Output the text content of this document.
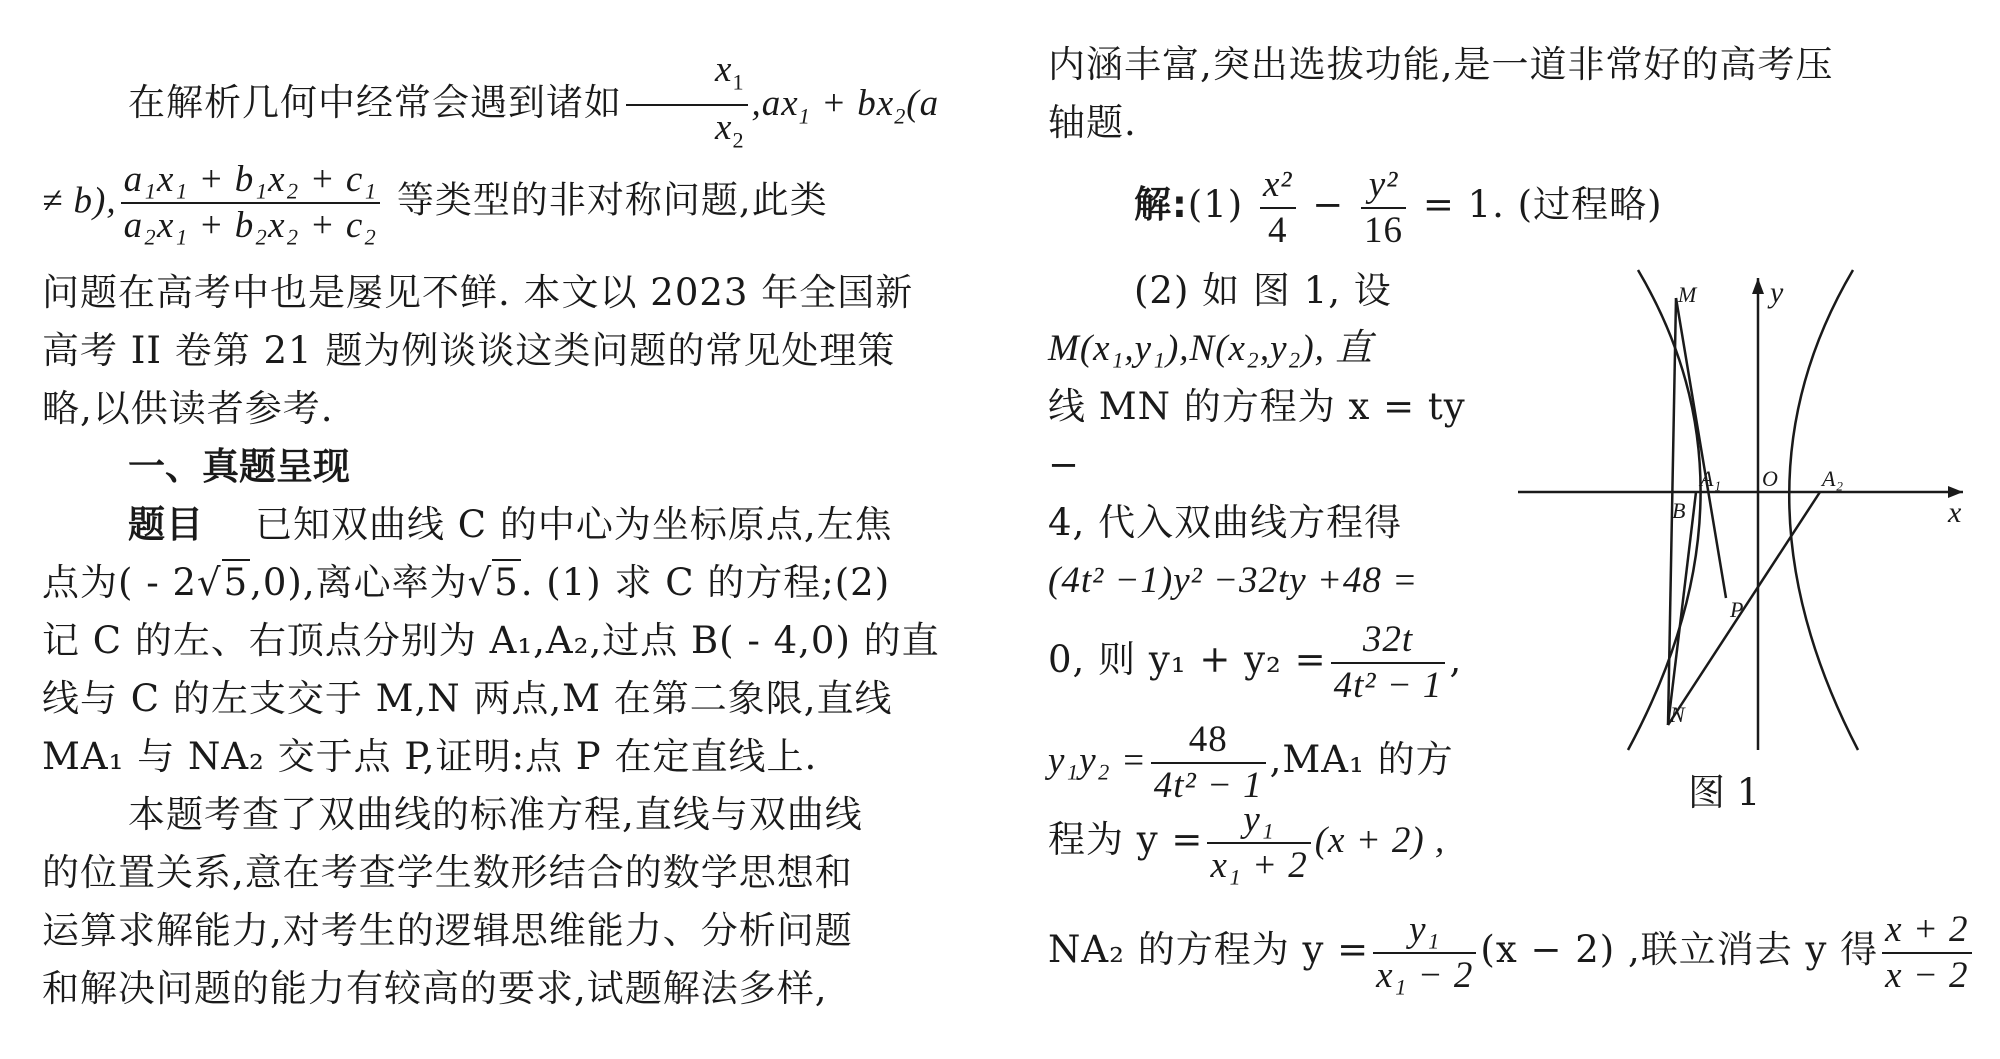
在解析几何中经常会遇到诸如 $\frac{x_1}{x_2} ,ax_1 + bx_2(a$

≠ b), $\frac{\text{a₁x₁ + b₁x₂ + c₁}}{\text{a₂x₁ + b₂x₂ + c₂}}$ 等类型的非对称问题,此类

问题在高考中也是屡见不鲜. 本文以 2023 年全国新

高考 II 卷第 21 题为例谈谈这类问题的常见处理策

略,以供读者参考.

一、真题呈现

题目 已知双曲线 C 的中心为坐标原点,左焦

点为( - 2√5,0),离心率为√5. (1) 求 C 的方程;(2)

记 C 的左、右顶点分别为 A₁,A₂,过点 B( - 4,0) 的直

线与 C 的左支交于 M,N 两点,M 在第二象限,直线

MA₁ 与 NA₂ 交于点 P,证明:点 P 在定直线上.

本题考查了双曲线的标准方程,直线与双曲线

的位置关系,意在考查学生数形结合的数学思想和

运算求解能力,对考生的逻辑思维能力、分析问题

和解决问题的能力有较高的要求,试题解法多样,

内涵丰富,突出选拔功能,是一道非常好的高考压

轴题.

解:(1) $\frac{\text{x²}}{4} - \frac{\text{y²}}{16} = 1$. (过程略)

(2) 如 图 1, 设

M(x₁,y₁),N(x₂,y₂), 直

线 MN 的方程为 x = ty −

4, 代入双曲线方程得

(4t² −1)y² −32ty +48 =

0, 则 $y_1 + y_2 = \frac{32t}{\text{4t² − 1}}$ ,

$y_1y_2 = \frac{48}{\text{4t² − 1}} ,MA_1$ 的方

程为 $y = \frac{\text{y₁}}{\text{x₁ + 2}} (x + 2)$ ,

NA₂ 的方程为 $y = \frac{\text{y₁}}{\text{x₁ − 2}} (x - 2)$ ,联立消去 y 得 $\frac{x + 2}{x - 2}$

M
N
P
B
A₁ O A₂
x
y
图 1
